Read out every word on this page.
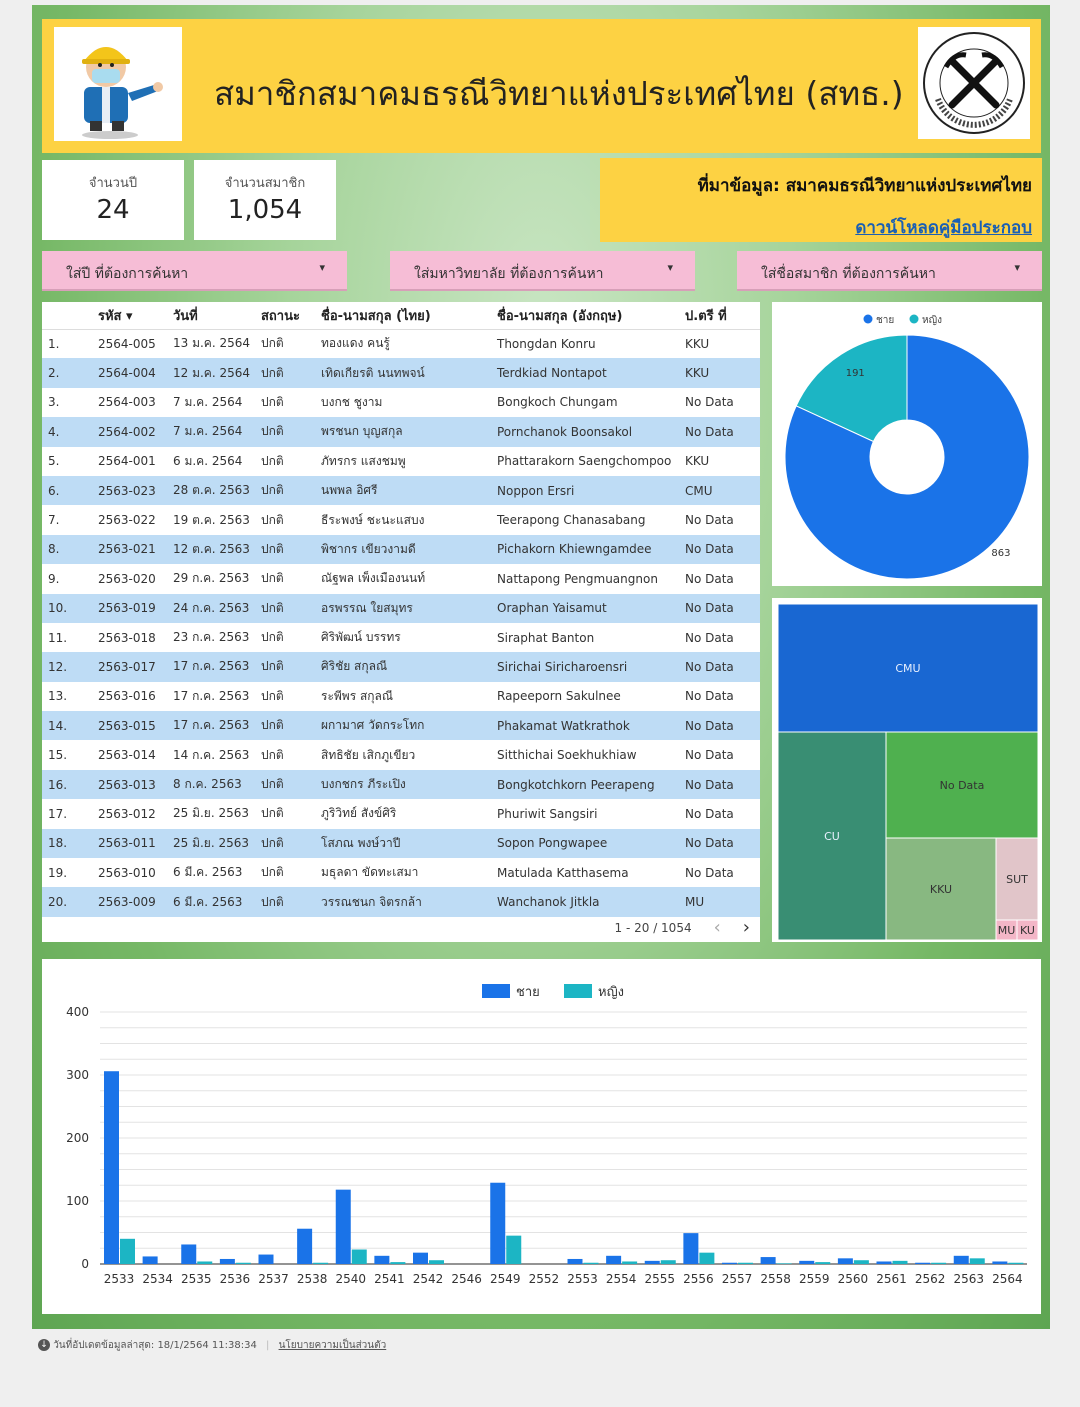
สมาชิกสมาคมธรณีวิทยาแห่งประเทศไทย (สทธ.)
จำนวนปี
24
จำนวนสมาชิก
1,054
ที่มาข้อมูล: สมาคมธรณีวิทยาแห่งประเทศไทย
ดาวน์โหลดคู่มือประกอบ
ใส่ปี ที่ต้องการค้นหา	▾	ใส่มหาวิทยาลัย ที่ต้องการค้นหา	▾	ใส่ชื่อสมาชิก ที่ต้องการค้นหา	▾
	รหัส ▾	วันที่	สถานะ	ชื่อ-นามสกุล (ไทย)	ชื่อ-นามสกุล (อังกฤษ)	ป.ตรี ที่
1.	2564-005	13 ม.ค. 2564	ปกติ	ทองแดง คนรู้	Thongdan Konru	KKU
2.	2564-004	12 ม.ค. 2564	ปกติ	เทิดเกียรติ นนทพจน์	Terdkiad Nontapot	KKU
3.	2564-003	7 ม.ค. 2564	ปกติ	บงกช ชูงาม	Bongkoch Chungam	No Data
4.	2564-002	7 ม.ค. 2564	ปกติ	พรชนก บุญสกุล	Pornchanok Boonsakol	No Data
5.	2564-001	6 ม.ค. 2564	ปกติ	ภัทรกร แสงชมพู	Phattarakorn Saengchompoo	KKU
6.	2563-023	28 ต.ค. 2563	ปกติ	นพพล อิศรี	Noppon Ersri	CMU
7.	2563-022	19 ต.ค. 2563	ปกติ	ธีระพงษ์ ชะนะแสบง	Teerapong Chanasabang	No Data
8.	2563-021	12 ต.ค. 2563	ปกติ	พิชากร เขียวงามดี	Pichakorn Khiewngamdee	No Data
9.	2563-020	29 ก.ค. 2563	ปกติ	ณัฐพล เพ็งเมืองนนท์	Nattapong Pengmuangnon	No Data
10.	2563-019	24 ก.ค. 2563	ปกติ	อรพรรณ ใยสมุทร	Oraphan Yaisamut	No Data
11.	2563-018	23 ก.ค. 2563	ปกติ	ศิริพัฒน์ บรรทร	Siraphat Banton	No Data
12.	2563-017	17 ก.ค. 2563	ปกติ	ศิริชัย สกุลณี	Sirichai Siricharoensri	No Data
13.	2563-016	17 ก.ค. 2563	ปกติ	ระพีพร สกุลณี	Rapeeporn Sakulnee	No Data
14.	2563-015	17 ก.ค. 2563	ปกติ	ผกามาศ วัดกระโทก	Phakamat Watkrathok	No Data
15.	2563-014	14 ก.ค. 2563	ปกติ	สิทธิชัย เสิกภูเขียว	Sitthichai Soekhukhiaw	No Data
16.	2563-013	8 ก.ค. 2563	ปกติ	บงกชกร ภีระเปิง	Bongkotchkorn Peerapeng	No Data
17.	2563-012	25 มิ.ย. 2563	ปกติ	ภูริวิทย์ สังข์ศิริ	Phuriwit Sangsiri	No Data
18.	2563-011	25 มิ.ย. 2563	ปกติ	โสภณ พงษ์วาปี	Sopon Pongwapee	No Data
19.	2563-010	6 มี.ค. 2563	ปกติ	มธุลดา ขัดทะเสมา	Matulada Katthasema	No Data
20.	2563-009	6 มี.ค. 2563	ปกติ	วรรณชนก จิตรกล้า	Wanchanok Jitkla	MU
1 - 20 / 1054 ‹ ›
ชาย	หญิง
191
863
CMU
CU
No Data
KKU
SUT
MU KU
ชาย	หญิง
0
100
200
300
400
2533 2534 2535 2536 2537 2538 2540 2541 2542 2546 2549 2552 2553 2554 2555 2556 2557 2558 2559 2560 2561 2562 2563 2564
↓ วันที่อัปเดตข้อมูลล่าสุด: 18/1/2564 11:38:34 | นโยบายความเป็นส่วนตัว
